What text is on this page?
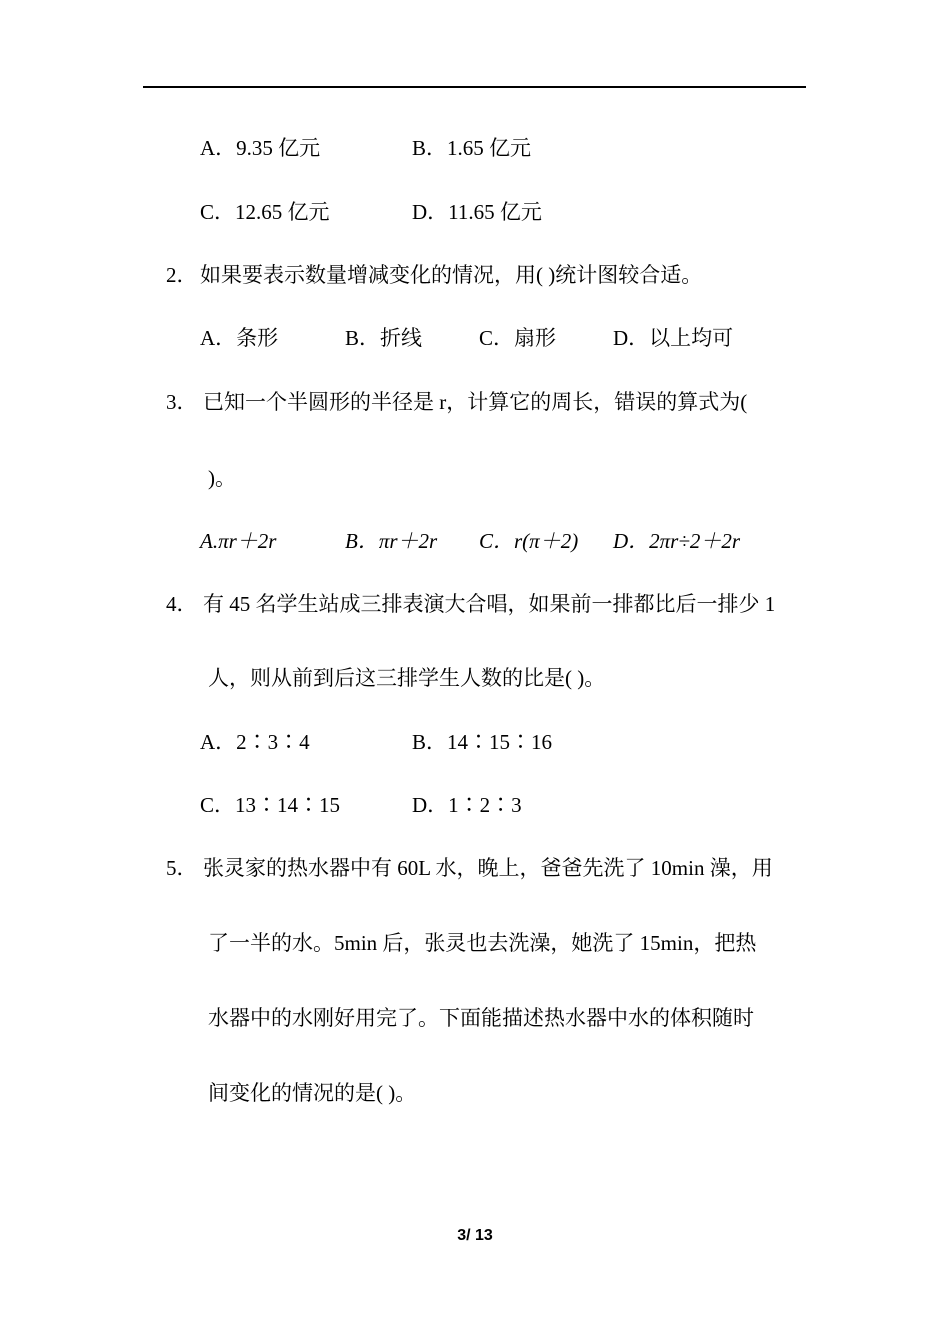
A．9.35 亿元	B．1.65 亿元
C．12.65 亿元	D．11.65 亿元
2． 如果要表示数量增减变化的情况，用( )统计图较合适。
A．条形	B．折线	C．扇形	D．以上均可
3． 已知一个半圆形的半径是 r，计算它的周长，错误的算式为(
)。
A.πr＋2r	B．πr＋2r C．r(π＋2) D．2πr÷2＋2r
4． 有 45 名学生站成三排表演大合唱，如果前一排都比后一排少 1
人，则从前到后这三排学生人数的比是( )。
A．2∶3∶4	B．14∶15∶16
C．13∶14∶15	D．1∶2∶3
5． 张灵家的热水器中有 60L 水，晚上，爸爸先洗了 10min 澡，用
了一半的水。5min 后，张灵也去洗澡，她洗了 15min，把热
水器中的水刚好用完了。下面能描述热水器中水的体积随时
间变化的情况的是( )。
3/ 13
